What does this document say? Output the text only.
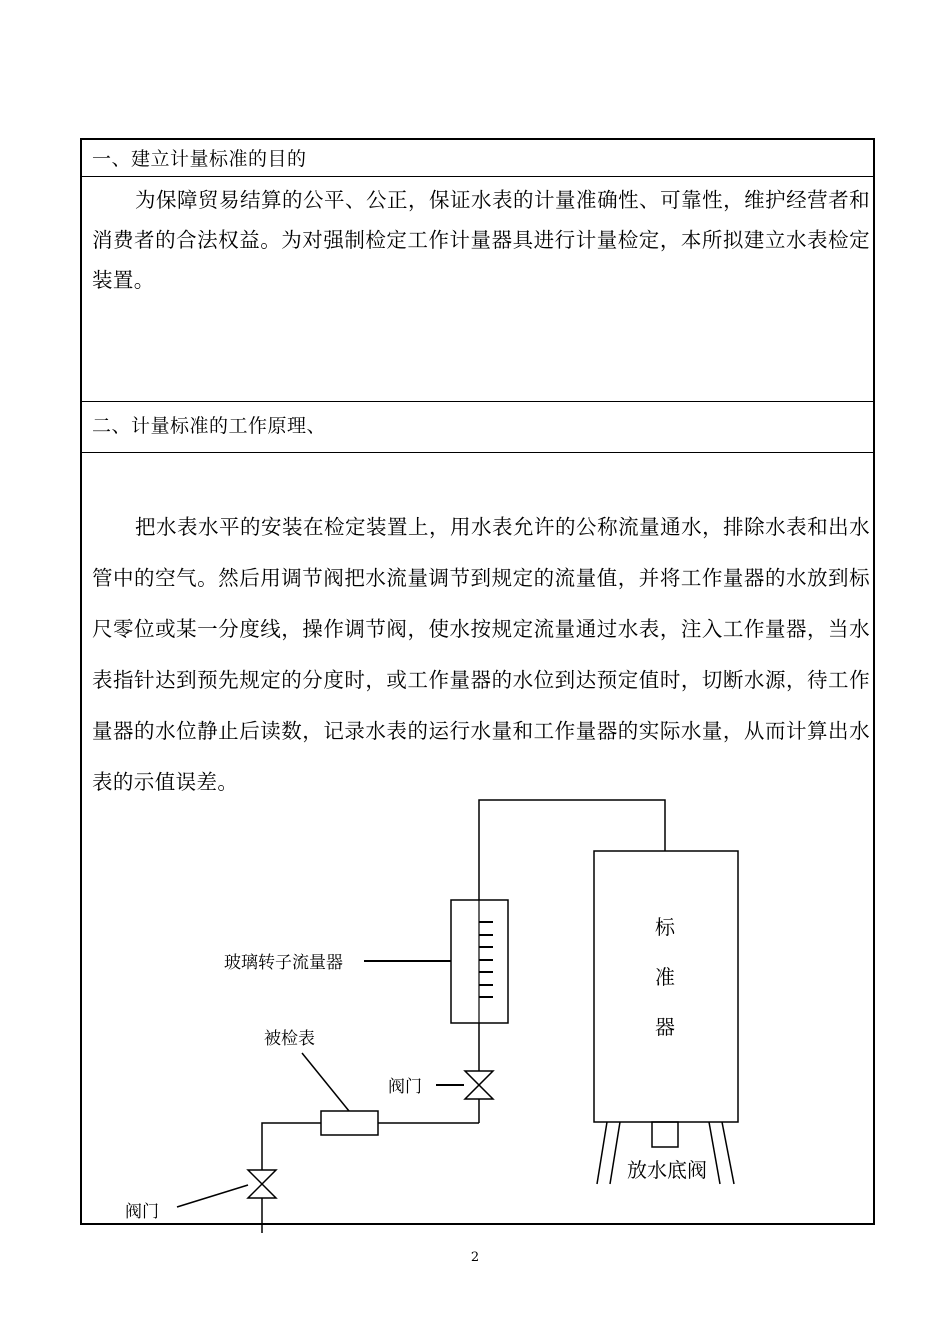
一、建立计量标准的目的
为保障贸易结算的公平、公正，保证水表的计量准确性、可靠性，维护经营者和消费者的合法权益。为对强制检定工作计量器具进行计量检定，本所拟建立水表检定装置。
二、计量标准的工作原理、
把水表水平的安装在检定装置上，用水表允许的公称流量通水，排除水表和出水管中的空气。然后用调节阀把水流量调节到规定的流量值，并将工作量器的水放到标尺零位或某一分度线，操作调节阀，使水按规定流量通过水表，注入工作量器，当水表指针达到预先规定的分度时，或工作量器的水位到达预定值时，切断水源，待工作量器的水位静止后读数，记录水表的运行水量和工作量器的实际水量，从而计算出水表的示值误差。
玻璃转子流量器
被检表
阀门
阀门
标
准
器
放水底阀
2
